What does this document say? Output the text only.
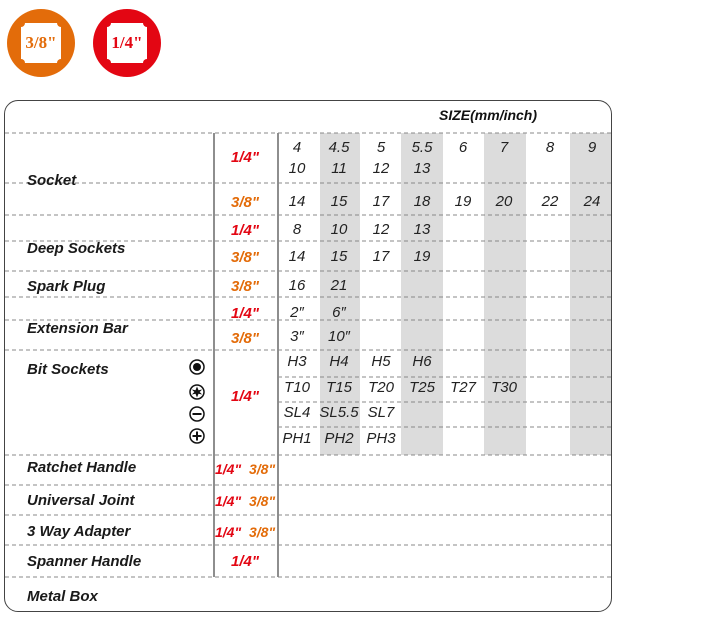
3/8"	1/4"
SIZE(mm/inch)
Socket
Deep Sockets
Spark Plug
Extension Bar
Bit Sockets
Ratchet Handle
Universal Joint
3 Way Adapter
Spanner Handle
Metal Box
1/4"
3/8"
1/4"
3/8"
3/8"
1/4"
3/8"
1/4"
1/4" 3/8"
1/4" 3/8"
1/4" 3/8"
1/4"
4
10
4.5
11
5
12
5.5
13
6 7	8 9
14 15 17 18 19 20 22 24
8 10 12 13
14 15 17 19
16 21
2″ 6″
3″ 10″
H3 H4 H5 H6
T10 T15 T20 T25 T27 T30
SL4 SL5.5 SL7
PH1 PH2 PH3
